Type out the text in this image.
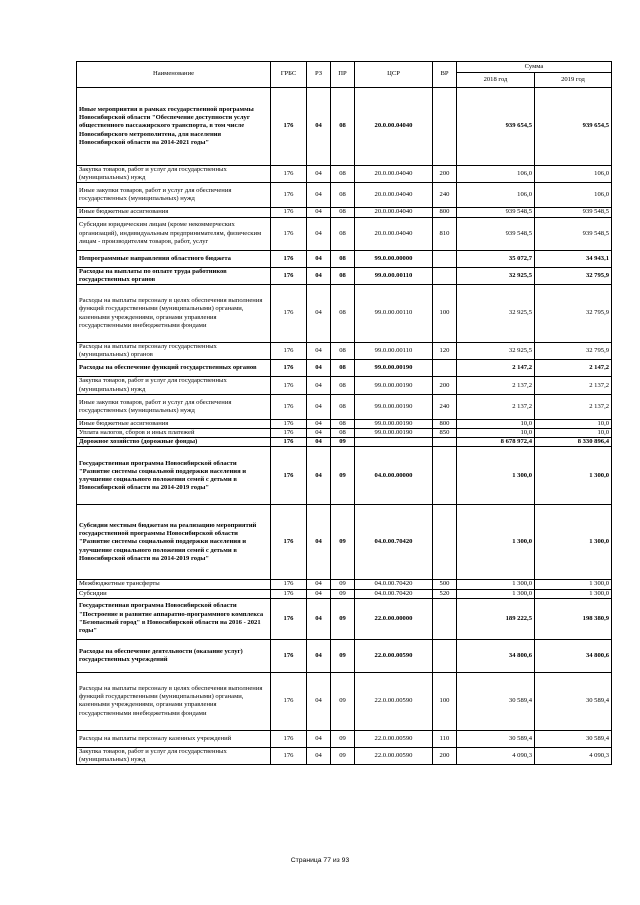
Наименование	ГРБС	РЗ	ПР	ЦСР	ВР	Сумма	
						2018 год	2019 год
Иные мероприятия в рамках государственной программы Новосибирской области "Обеспечение доступности услуг общественного пассажирского транспорта, в том числе Новосибирского метрополитена, для населения Новосибирской области на 2014-2021 годы"	176	04	08	20.0.00.04040		939 654,5	939 654,5
Закупка товаров, работ и услуг для государственных (муниципальных) нужд	176	04	08	20.0.00.04040	200	106,0	106,0
Иные закупки товаров, работ и услуг для обеспечения государственных (муниципальных) нужд	176	04	08	20.0.00.04040	240	106,0	106,0
Иные бюджетные ассигнования	176	04	08	20.0.00.04040	800	939 548,5	939 548,5
Субсидии юридическим лицам (кроме некоммерческих организаций), индивидуальным предпринимателям, физическим лицам - производителям товаров, работ, услуг	176	04	08	20.0.00.04040	810	939 548,5	939 548,5
Непрограммные направления областного бюджета	176	04	08	99.0.00.00000		35 072,7	34 943,1
Расходы на выплаты по оплате труда работников государственных органов	176	04	08	99.0.00.00110		32 925,5	32 795,9
Расходы на выплаты персоналу в целях обеспечения выполнения функций государственными (муниципальными) органами, казенными учреждениями, органами управления государственными внебюджетными фондами	176	04	08	99.0.00.00110	100	32 925,5	32 795,9
Расходы на выплаты персоналу государственных (муниципальных) органов	176	04	08	99.0.00.00110	120	32 925,5	32 795,9
Расходы на обеспечение функций государственных органов	176	04	08	99.0.00.00190		2 147,2	2 147,2
Закупка товаров, работ и услуг для государственных (муниципальных) нужд	176	04	08	99.0.00.00190	200	2 137,2	2 137,2
Иные закупки товаров, работ и услуг для обеспечения государственных (муниципальных) нужд	176	04	08	99.0.00.00190	240	2 137,2	2 137,2
Иные бюджетные ассигнования	176	04	08	99.0.00.00190	800	10,0	10,0
Уплата налогов, сборов и иных платежей	176	04	08	99.0.00.00190	850	10,0	10,0
Дорожное хозяйство (дорожные фонды)	176	04	09			8 678 972,4	8 330 896,4
Государственная программа Новосибирской области "Развитие системы социальной поддержки населения и улучшение социального положения семей с детьми в Новосибирской области на 2014-2019 годы"	176	04	09	04.0.00.00000		1 300,0	1 300,0
Субсидии местным бюджетам на реализацию мероприятий государственной программы Новосибирской области "Развитие системы социальной поддержки населения и улучшение социального положения семей с детьми в Новосибирской области на 2014-2019 годы"	176	04	09	04.0.00.70420		1 300,0	1 300,0
Межбюджетные трансферты	176	04	09	04.0.00.70420	500	1 300,0	1 300,0
Субсидии	176	04	09	04.0.00.70420	520	1 300,0	1 300,0
Государственная программа Новосибирской области "Построение и развитие аппаратно-программного комплекса "Безопасный город" в Новосибирской области на 2016 - 2021 годы"	176	04	09	22.0.00.00000		189 222,5	198 380,9
Расходы на обеспечение деятельности (оказание услуг) государственных учреждений	176	04	09	22.0.00.00590		34 800,6	34 800,6
Расходы на выплаты персоналу в целях обеспечения выполнения функций государственными (муниципальными) органами, казенными учреждениями, органами управления государственными внебюджетными фондами	176	04	09	22.0.00.00590	100	30 589,4	30 589,4
Расходы на выплаты персоналу казенных учреждений	176	04	09	22.0.00.00590	110	30 589,4	30 589,4
Закупка товаров, работ и услуг для государственных (муниципальных) нужд	176	04	09	22.0.00.00590	200	4 090,3	4 090,3
Страница 77 из 93
